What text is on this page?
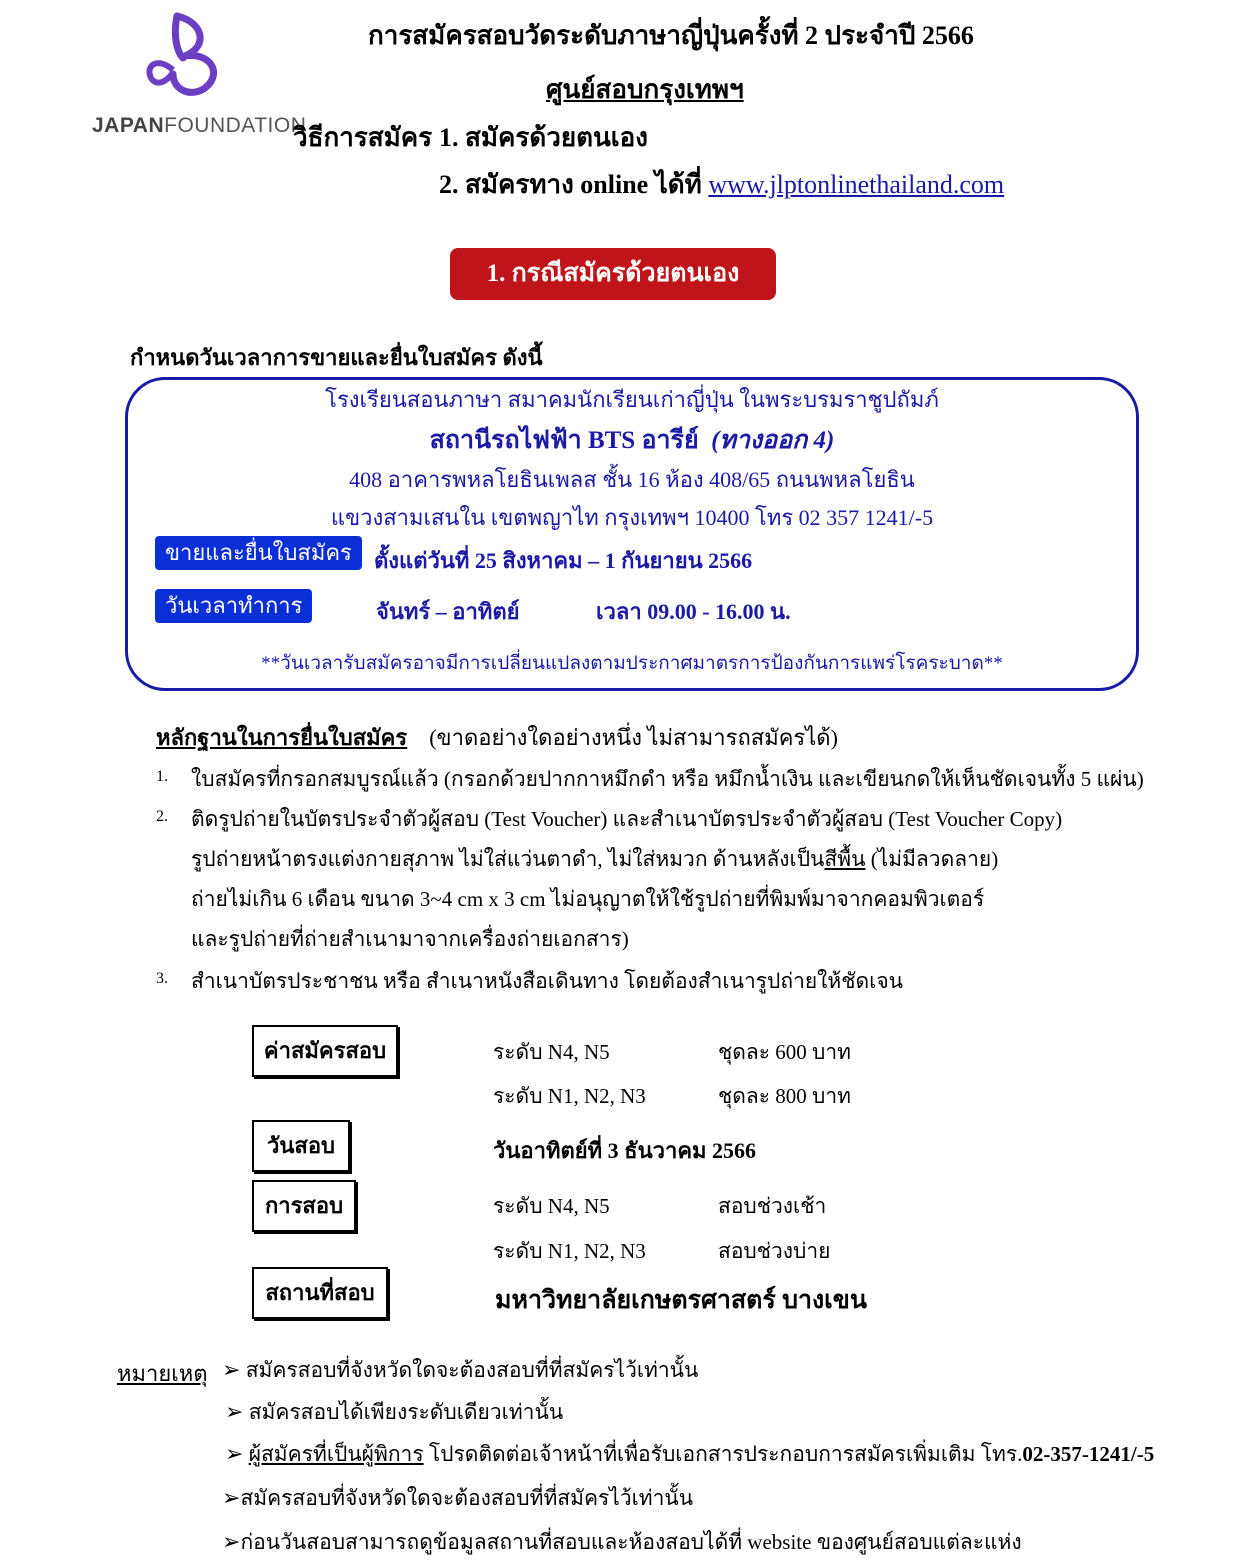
JAPANFOUNDATION
การสมัครสอบวัดระดับภาษาญี่ปุ่นครั้งที่ 2 ประจำปี 2566
ศูนย์สอบกรุงเทพฯ
วิธีการสมัคร 1. สมัครด้วยตนเอง
2. สมัครทาง online ได้ที่ www.jlptonlinethailand.com
1. กรณีสมัครด้วยตนเอง
กำหนดวันเวลาการขายและยื่นใบสมัคร ดังนี้
โรงเรียนสอนภาษา สมาคมนักเรียนเก่าญี่ปุ่น ในพระบรมราชูปถัมภ์
สถานีรถไฟฟ้า BTS อารีย์ (ทางออก 4)
408 อาคารพหลโยธินเพลส ชั้น 16 ห้อง 408/65 ถนนพหลโยธิน
แขวงสามเสนใน เขตพญาไท กรุงเทพฯ 10400 โทร 02 357 1241/-5
ขายและยื่นใบสมัคร	ตั้งแต่วันที่ 25 สิงหาคม – 1 กันยายน 2566
วันเวลาทำการ	จันทร์ – อาทิตย์	เวลา 09.00 - 16.00 น.
**วันเวลารับสมัครอาจมีการเปลี่ยนแปลงตามประกาศมาตรการป้องกันการแพร่โรคระบาด**
หลักฐานในการยื่นใบสมัคร (ขาดอย่างใดอย่างหนึ่ง ไม่สามารถสมัครได้)
1. ใบสมัครที่กรอกสมบูรณ์แล้ว (กรอกด้วยปากกาหมึกดำ หรือ หมึกน้ำเงิน และเขียนกดให้เห็นชัดเจนทั้ง 5 แผ่น)
2. ติดรูปถ่ายในบัตรประจำตัวผู้สอบ (Test Voucher) และสำเนาบัตรประจำตัวผู้สอบ (Test Voucher Copy)
รูปถ่ายหน้าตรงแต่งกายสุภาพ ไม่ใส่แว่นตาดำ, ไม่ใส่หมวก ด้านหลังเป็นสีพื้น (ไม่มีลวดลาย)
ถ่ายไม่เกิน 6 เดือน ขนาด 3~4 cm x 3 cm ไม่อนุญาตให้ใช้รูปถ่ายที่พิมพ์มาจากคอมพิวเตอร์
และรูปถ่ายที่ถ่ายสำเนามาจากเครื่องถ่ายเอกสาร)
3. สำเนาบัตรประชาชน หรือ สำเนาหนังสือเดินทาง โดยต้องสำเนารูปถ่ายให้ชัดเจน
ค่าสมัครสอบ	ระดับ N4, N5	ชุดละ 600 บาท
ระดับ N1, N2, N3	ชุดละ 800 บาท
วันสอบ	วันอาทิตย์ที่ 3 ธันวาคม 2566
การสอบ	ระดับ N4, N5	สอบช่วงเช้า
ระดับ N1, N2, N3	สอบช่วงบ่าย
สถานที่สอบ	มหาวิทยาลัยเกษตรศาสตร์ บางเขน
หมายเหตุ ➢ สมัครสอบที่จังหวัดใดจะต้องสอบที่ที่สมัครไว้เท่านั้น
➢ สมัครสอบได้เพียงระดับเดียวเท่านั้น
➢ ผู้สมัครที่เป็นผู้พิการ โปรดติดต่อเจ้าหน้าที่เพื่อรับเอกสารประกอบการสมัครเพิ่มเติม โทร.02-357-1241/-5
➢สมัครสอบที่จังหวัดใดจะต้องสอบที่ที่สมัครไว้เท่านั้น
➢ก่อนวันสอบสามารถดูข้อมูลสถานที่สอบและห้องสอบได้ที่ website ของศูนย์สอบแต่ละแห่ง
